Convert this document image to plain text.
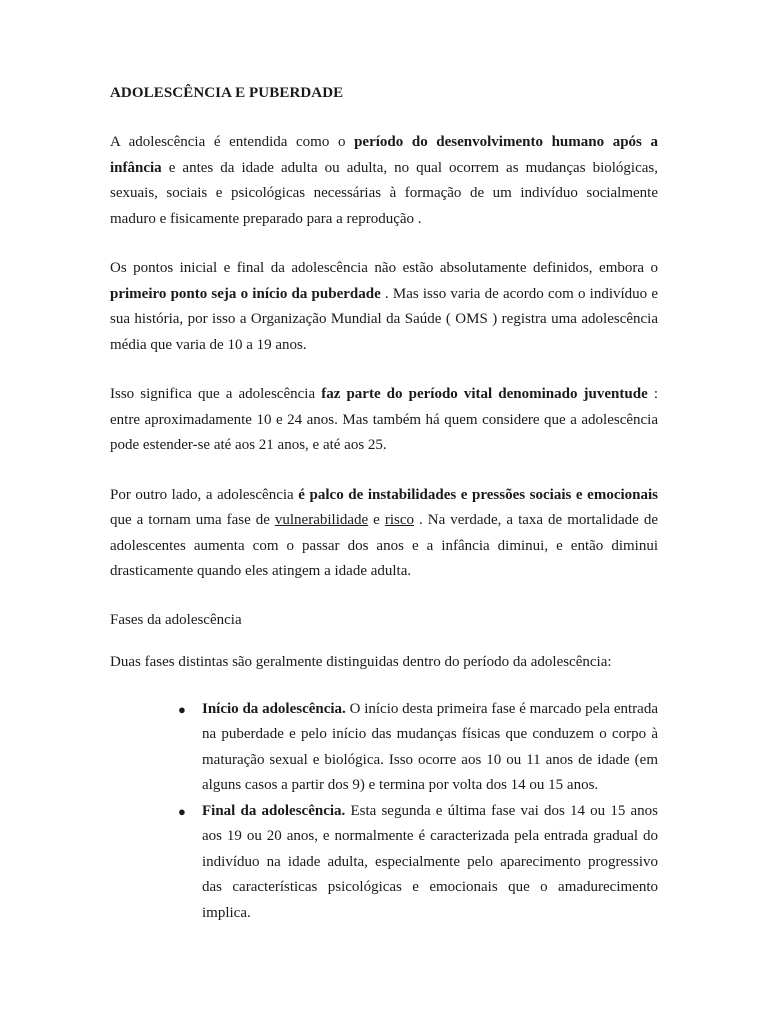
ADOLESCÊNCIA E PUBERDADE

A adolescência é entendida como o período do desenvolvimento humano após a infância e antes da idade adulta ou adulta, no qual ocorrem as mudanças biológicas, sexuais, sociais e psicológicas necessárias à formação de um indivíduo socialmente maduro e fisicamente preparado para a reprodução .

Os pontos inicial e final da adolescência não estão absolutamente definidos, embora o primeiro ponto seja o início da puberdade . Mas isso varia de acordo com o indivíduo e sua história, por isso a Organização Mundial da Saúde ( OMS ) registra uma adolescência média que varia de 10 a 19 anos.

Isso significa que a adolescência faz parte do período vital denominado juventude : entre aproximadamente 10 e 24 anos. Mas também há quem considere que a adolescência pode estender-se até aos 21 anos, e até aos 25.

Por outro lado, a adolescência é palco de instabilidades e pressões sociais e emocionais que a tornam uma fase de vulnerabilidade e risco . Na verdade, a taxa de mortalidade de adolescentes aumenta com o passar dos anos e a infância diminui, e então diminui drasticamente quando eles atingem a idade adulta.

Fases da adolescência

Duas fases distintas são geralmente distinguidas dentro do período da adolescência:

● Início da adolescência. O início desta primeira fase é marcado pela entrada na puberdade e pelo início das mudanças físicas que conduzem o corpo à maturação sexual e biológica. Isso ocorre aos 10 ou 11 anos de idade (em alguns casos a partir dos 9) e termina por volta dos 14 ou 15 anos.
● Final da adolescência. Esta segunda e última fase vai dos 14 ou 15 anos aos 19 ou 20 anos, e normalmente é caracterizada pela entrada gradual do indivíduo na idade adulta, especialmente pelo aparecimento progressivo das características psicológicas e emocionais que o amadurecimento implica.
